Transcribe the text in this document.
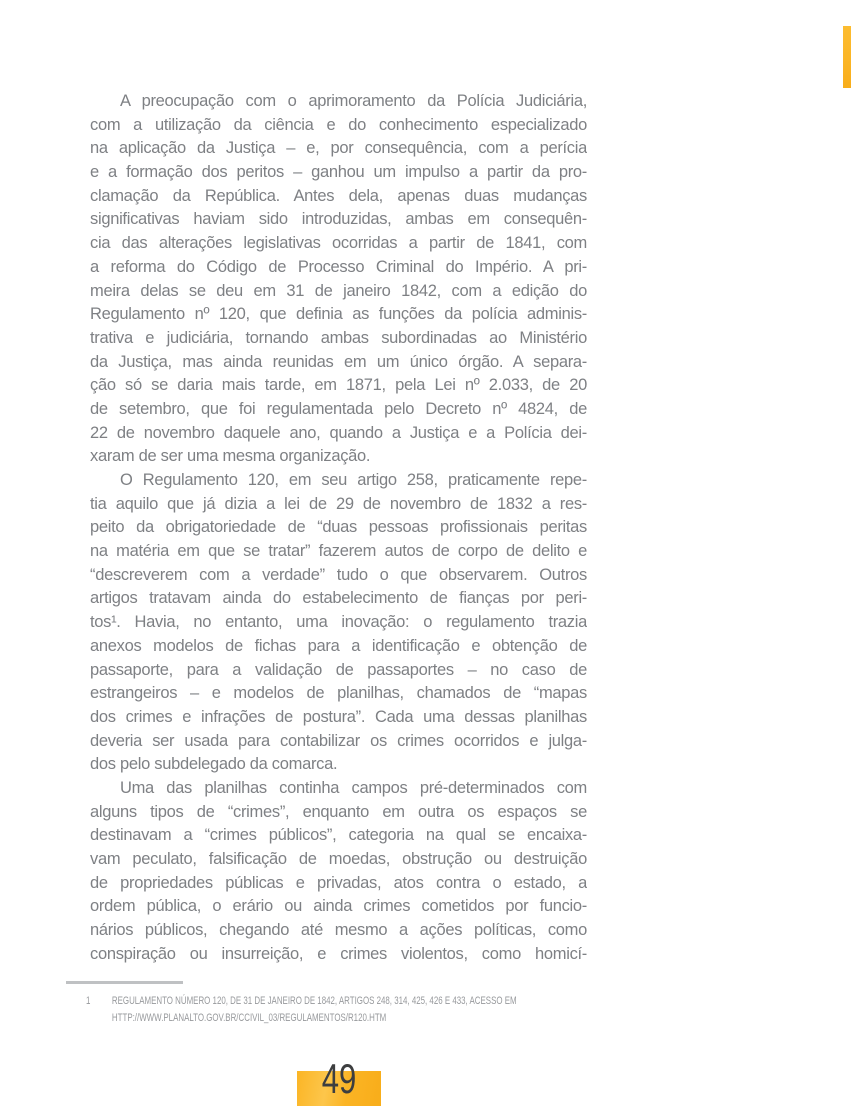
A preocupação com o aprimoramento da Polícia Judiciária,
com a utilização da ciência e do conhecimento especializado
na aplicação da Justiça – e, por consequência, com a perícia
e a formação dos peritos – ganhou um impulso a partir da pro-
clamação da República. Antes dela, apenas duas mudanças
significativas haviam sido introduzidas, ambas em consequên-
cia das alterações legislativas ocorridas a partir de 1841, com
a reforma do Código de Processo Criminal do Império. A pri-
meira delas se deu em 31 de janeiro 1842, com a edição do
Regulamento nº 120, que definia as funções da polícia adminis-
trativa e judiciária, tornando ambas subordinadas ao Ministério
da Justiça, mas ainda reunidas em um único órgão. A separa-
ção só se daria mais tarde, em 1871, pela Lei nº 2.033, de 20
de setembro, que foi regulamentada pelo Decreto nº 4824, de
22 de novembro daquele ano, quando a Justiça e a Polícia dei-
xaram de ser uma mesma organização.
O Regulamento 120, em seu artigo 258, praticamente repe-
tia aquilo que já dizia a lei de 29 de novembro de 1832 a res-
peito da obrigatoriedade de “duas pessoas profissionais peritas
na matéria em que se tratar” fazerem autos de corpo de delito e
“descreverem com a verdade” tudo o que observarem. Outros
artigos tratavam ainda do estabelecimento de fianças por peri-
tos¹. Havia, no entanto, uma inovação: o regulamento trazia
anexos modelos de fichas para a identificação e obtenção de
passaporte, para a validação de passaportes – no caso de
estrangeiros – e modelos de planilhas, chamados de “mapas
dos crimes e infrações de postura”. Cada uma dessas planilhas
deveria ser usada para contabilizar os crimes ocorridos e julga-
dos pelo subdelegado da comarca.
Uma das planilhas continha campos pré-determinados com
alguns tipos de “crimes”, enquanto em outra os espaços se
destinavam a “crimes públicos”, categoria na qual se encaixa-
vam peculato, falsificação de moedas, obstrução ou destruição
de propriedades públicas e privadas, atos contra o estado, a
ordem pública, o erário ou ainda crimes cometidos por funcio-
nários públicos, chegando até mesmo a ações políticas, como
conspiração ou insurreição, e crimes violentos, como homicí-
1	REGULAMENTO NÚMERO 120, DE 31 DE JANEIRO DE 1842, ARTIGOS 248, 314, 425, 426 E 433, ACESSO EM
HTTP://WWW.PLANALTO.GOV.BR/CCIVIL_03/REGULAMENTOS/R120.HTM
49
